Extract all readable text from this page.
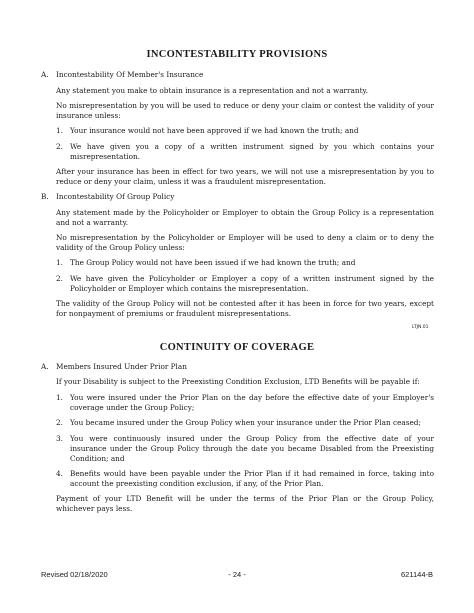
INCONTESTABILITY PROVISIONS
A. Incontestability Of Member's Insurance
Any statement you make to obtain insurance is a representation and not a warranty.
No misrepresentation by you will be used to reduce or deny your claim or contest the validity of your
insurance unless:
1. Your insurance would not have been approved if we had known the truth; and
2. We have given you a copy of a written instrument signed by you which contains your
misrepresentation.
After your insurance has been in effect for two years, we will not use a misrepresentation by you to
reduce or deny your claim, unless it was a fraudulent misrepresentation.
B. Incontestability Of Group Policy
Any statement made by the Policyholder or Employer to obtain the Group Policy is a representation
and not a warranty.
No misrepresentation by the Policyholder or Employer will be used to deny a claim or to deny the
validity of the Group Policy unless:
1. The Group Policy would not have been issued if we had known the truth; and
2. We have given the Policyholder or Employer a copy of a written instrument signed by the
Policyholder or Employer which contains the misrepresentation.
The validity of the Group Policy will not be contested after it has been in force for two years, except
for nonpayment of premiums or fraudulent misrepresentations.
LTJN.01
CONTINUITY OF COVERAGE
A. Members Insured Under Prior Plan
If your Disability is subject to the Preexisting Condition Exclusion, LTD Benefits will be payable if:
1. You were insured under the Prior Plan on the day before the effective date of your Employer's
coverage under the Group Policy;
2. You became insured under the Group Policy when your insurance under the Prior Plan ceased;
3. You were continuously insured under the Group Policy from the effective date of your
insurance under the Group Policy through the date you became Disabled from the Preexisting
Condition; and
4. Benefits would have been payable under the Prior Plan if it had remained in force, taking into
account the preexisting condition exclusion, if any, of the Prior Plan.
Payment of your LTD Benefit will be under the terms of the Prior Plan or the Group Policy,
whichever pays less.
Revised 02/18/2020	- 24 -	621144-B
